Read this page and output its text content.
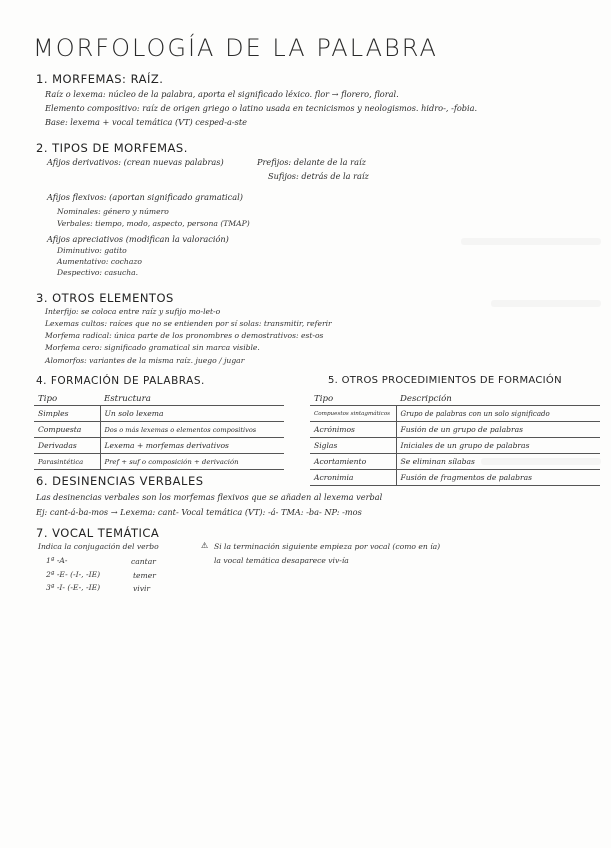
MORFOLOGÍA DE LA PALABRA
1. MORFEMAS: RAÍZ.
Raíz o lexema: núcleo de la palabra, aporta el significado léxico. flor → florero, floral.
Elemento compositivo: raíz de origen griego o latino usada en tecnicismos y neologismos. hidro-, -fobia.
Base: lexema + vocal temática (VT) cesped-a-ste
2. TIPOS DE MORFEMAS.
Afijos derivativos: (crean nuevas palabras)	Prefijos: delante de la raíz
Sufijos: detrás de la raíz
Afijos flexivos: (aportan significado gramatical)
Nominales: género y número
Verbales: tiempo, modo, aspecto, persona (TMAP)
Afijos apreciativos (modifican la valoración)
Diminutivo: gatito
Aumentativo: cochazo
Despectivo: casucha.
3. OTROS ELEMENTOS
Interfijo: se coloca entre raíz y sufijo mo-let-o
Lexemas cultos: raíces que no se entienden por sí solas: transmitir, referir
Morfema radical: única parte de los pronombres o demostrativos: est-os
Morfema cero: significado gramatical sin marca visible.
Alomorfos: variantes de la misma raíz. juego / jugar
4. FORMACIÓN DE PALABRAS.
Tipo	Estructura
Simples	Un solo lexema
Compuesta	Dos o más lexemas o elementos compositivos
Derivadas	Lexema + morfemas derivativos
Parasintética	Pref + suf o composición + derivación
5. OTROS PROCEDIMIENTOS DE FORMACIÓN
Tipo	Descripción
Compuestos sintagmáticos	Grupo de palabras con un solo significado
Acrónimos	Fusión de un grupo de palabras
Siglas	Iniciales de un grupo de palabras
Acortamiento	Se eliminan sílabas
Acronimia	Fusión de fragmentos de palabras
6. DESINENCIAS VERBALES
Las desinencias verbales son los morfemas flexivos que se añaden al lexema verbal
Ej: cant-á-ba-mos → Lexema: cant- Vocal temática (VT): -á- TMA: -ba- NP: -mos
7. VOCAL TEMÁTICA
Indica la conjugación del verbo
1ª -A-	cantar
2ª -E- (-I-, -IE)	temer
3ª -I- (-E-, -IE)	vivir
⚠ Si la terminación siguiente empieza por vocal (como en ía)
la vocal temática desaparece viv-ía
